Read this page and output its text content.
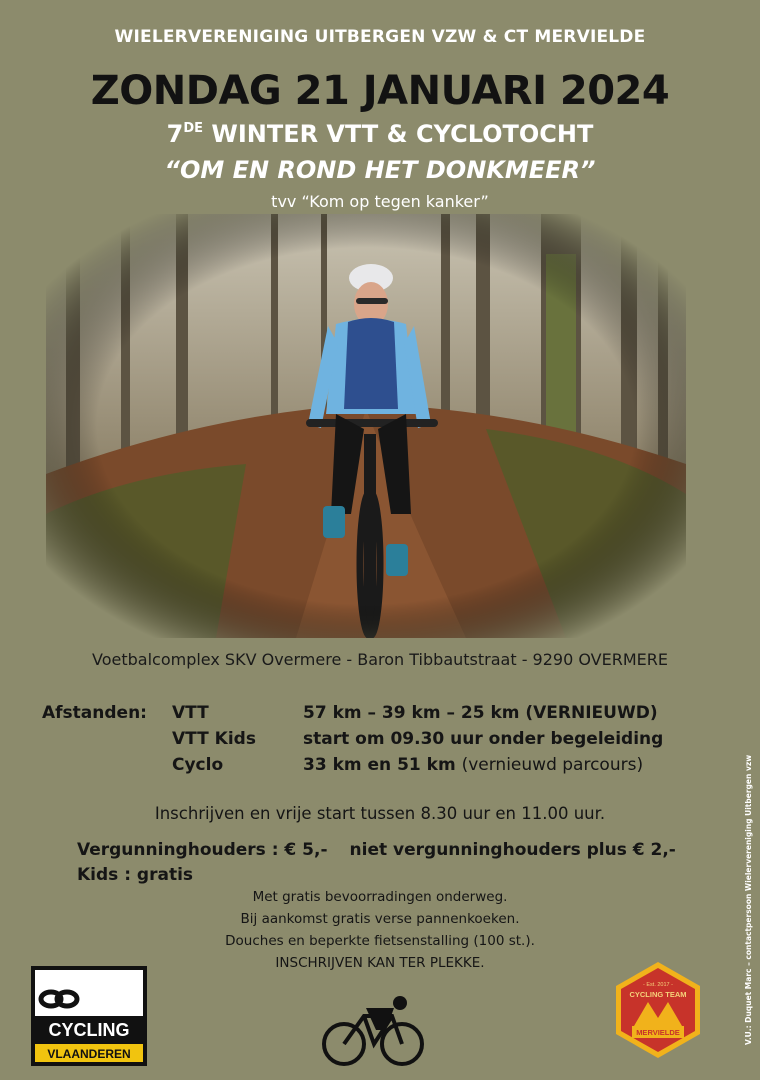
WIELERVERENIGING UITBERGEN VZW & CT MERVIELDE
ZONDAG 21 JANUARI 2024
7DE WINTER VTT & CYCLOTOCHT
“OM EN ROND HET DONKMEER”
tvv “Kom op tegen kanker”
Voetbalcomplex SKV Overmere - Baron Tibbautstraat - 9290 OVERMERE
Afstanden: VTT	57 km – 39 km – 25 km (VERNIEUWD)
VTT Kids	start om 09.30 uur onder begeleiding
Cyclo	33 km en 51 km (vernieuwd parcours)
Inschrijven en vrije start tussen 8.30 uur en 11.00 uur.
Vergunninghouders : € 5,- niet vergunninghouders plus € 2,-
Kids : gratis
Met gratis bevoorradingen onderweg.
Bij aankomst gratis verse pannenkoeken.
Douches en beperkte fietsenstalling (100 st.).
INSCHRIJVEN KAN TER PLEKKE.
CYCLING
VLAANDEREN
- Est. 2017 -
CYCLING TEAM
MERVIELDE	V.U.: Duquet Marc – contactpersoon Wielervereniging Uitbergen vzw
